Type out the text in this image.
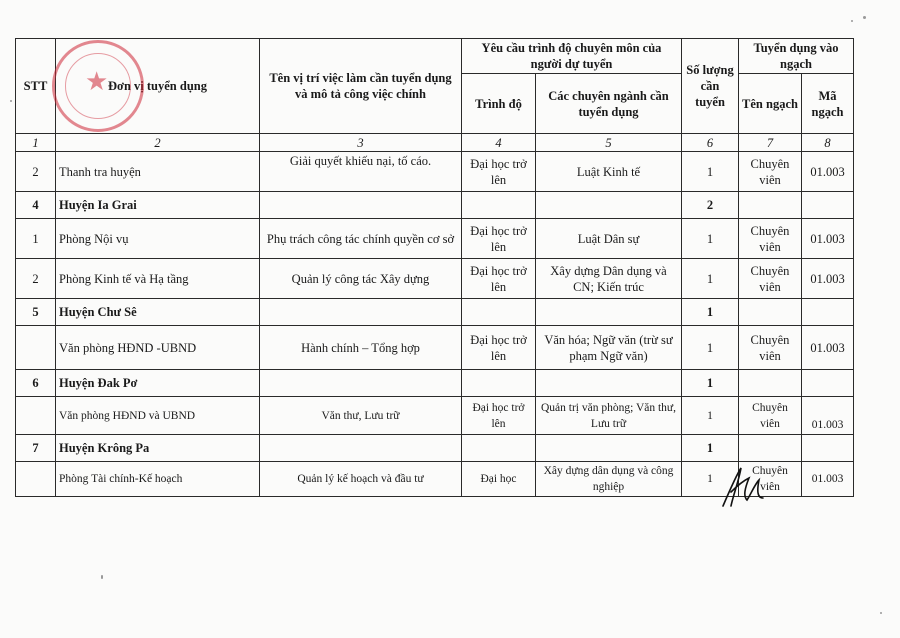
STT	Đơn vị tuyển dụng	Tên vị trí việc làm cần tuyển dụng và mô tả công việc chính	Yêu cầu trình độ chuyên môn của người dự tuyển		Số lượng cần tuyển	Tuyển dụng vào ngạch	
			Trình độ	Các chuyên ngành cần tuyển dụng		Tên ngạch	Mã ngạch
1	2	3	4	5	6	7	8
2	Thanh tra huyện	Giải quyết khiếu nại, tố cáo.	Đại học trở lên	Luật Kinh tế	1	Chuyên viên	01.003
4	Huyện Ia Grai				2		
1	Phòng Nội vụ	Phụ trách công tác chính quyền cơ sở	Đại học trở lên	Luật Dân sự	1	Chuyên viên	01.003
2	Phòng Kinh tế và Hạ tầng	Quản lý công tác Xây dựng	Đại học trở lên	Xây dựng Dân dụng và CN; Kiến trúc	1	Chuyên viên	01.003
5	Huyện Chư Sê				1		
	Văn phòng HĐND -UBND	Hành chính – Tổng hợp	Đại học trở lên	Văn hóa; Ngữ văn (trừ sư phạm Ngữ văn)	1	Chuyên viên	01.003
6	Huyện Đak Pơ				1		
	Văn phòng HĐND và UBND	Văn thư, Lưu trữ	Đại học trở lên	Quản trị văn phòng; Văn thư, Lưu trữ	1	Chuyên viên	01.003
7	Huyện Krông Pa				1		
	Phòng Tài chính-Kế hoạch	Quản lý kế hoạch và đầu tư	Đại học	Xây dựng dân dụng và công nghiệp	1	Chuyên viên	01.003
★
